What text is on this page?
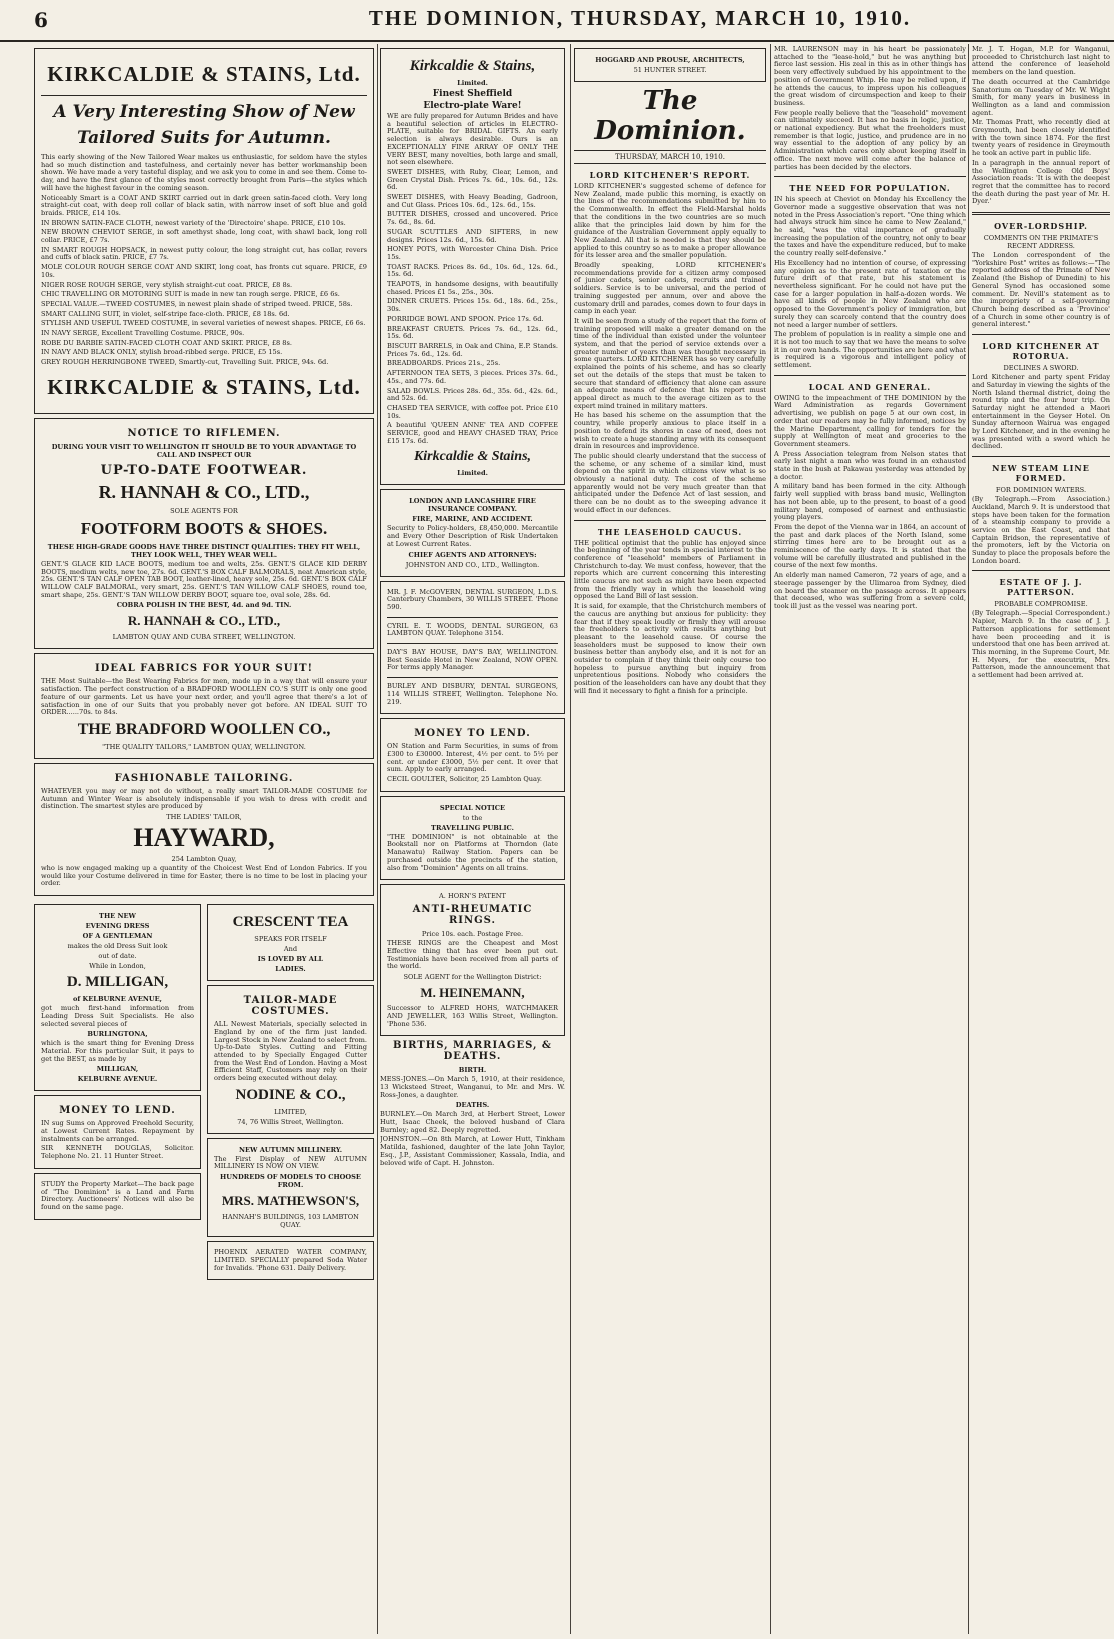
6	THE DOMINION, THURSDAY, MARCH 10, 1910.
KIRKCALDIE & STAINS, Ltd.
A Very Interesting Show of New
Tailored Suits for Autumn.

This early showing of the New Tailored Wear makes us enthusiastic, for seldom have the styles had so much distinction and tastefulness, and certainly never has better workmanship been shown. We have made a very tasteful display, and we ask you to come in and see them. Come to-day, and have the first glance of the styles most correctly brought from Paris—the styles which will have the highest favour in the coming season.

Noticeably Smart is a COAT AND SKIRT carried out in dark green satin-faced cloth. Very long straight-cut coat, with deep roll collar of black satin, with narrow inset of soft blue and gold braids. PRICE, £14 10s.

IN BROWN SATIN-FACE CLOTH, newest variety of the 'Directoire' shape. PRICE, £10 10s.

NEW BROWN CHEVIOT SERGE, in soft amethyst shade, long coat, with shawl back, long roll collar. PRICE, £7 7s.

IN SMART ROUGH HOPSACK, in newest putty colour, the long straight cut, has collar, revers and cuffs of black satin. PRICE, £7 7s.

MOLE COLOUR ROUGH SERGE COAT AND SKIRT, long coat, has fronts cut square. PRICE, £9 10s.

NIGER ROSE ROUGH SERGE, very stylish straight-cut coat. PRICE, £8 8s.

CHIC TRAVELLING OR MOTORING SUIT is made in new tan rough serge. PRICE, £6 6s.

SPECIAL VALUE.—TWEED COSTUMES, in newest plain shade of striped tweed. PRICE, 58s.

SMART CALLING SUIT, in violet, self-stripe face-cloth. PRICE, £8 18s. 6d.

STYLISH AND USEFUL TWEED COSTUME, in several varieties of newest shapes. PRICE, £6 6s.

IN NAVY SERGE, Excellent Travelling Costume. PRICE, 90s.

ROBE DU BARBIE SATIN-FACED CLOTH COAT AND SKIRT. PRICE, £8 8s.

IN NAVY AND BLACK ONLY, stylish broad-ribbed serge. PRICE, £5 15s.

GREY ROUGH HERRINGBONE TWEED, Smartly-cut, Travelling Suit. PRICE, 94s. 6d.

KIRKCALDIE & STAINS, Ltd.
NOTICE TO RIFLEMEN.
DURING YOUR VISIT TO WELLINGTON IT SHOULD BE TO YOUR ADVANTAGE TO CALL AND INSPECT OUR
UP-TO-DATE FOOTWEAR.
R. HANNAH & CO., LTD.,
SOLE AGENTS FOR
FOOTFORM BOOTS & SHOES.
THESE HIGH-GRADE GOODS HAVE THREE DISTINCT QUALITIES: THEY FIT WELL, THEY LOOK WELL, THEY WEAR WELL.

GENT.'S GLACE KID LACE BOOTS, medium toe and welts, 25s. GENT.'S GLACE KID DERBY BOOTS, medium welts, new toe, 27s. 6d. GENT.'S BOX CALF BALMORALS, neat American style, 25s. GENT.'S TAN CALF OPEN TAB BOOT, leather-lined, heavy sole, 25s. 6d. GENT.'S BOX CALF WILLOW CALF BALMORAL, very smart, 25s. GENT.'S TAN WILLOW CALF SHOES, round toe, smart shape, 25s. GENT.'S TAN WILLOW DERBY BOOT, square toe, oval sole, 28s. 6d.

COBRA POLISH IN THE BEST, 4d. and 9d. TIN.
R. HANNAH & CO., LTD.,
LAMBTON QUAY AND CUBA STREET, WELLINGTON.
IDEAL FABRICS FOR YOUR SUIT!

THE Most Suitable—the Best Wearing Fabrics for men, made up in a way that will ensure your satisfaction. The perfect construction of a BRADFORD WOOLLEN CO.'S SUIT is only one good feature of our garments. Let us have your next order, and you'll agree that there's a lot of satisfaction in one of our Suits that you probably never got before. AN IDEAL SUIT TO ORDER......70s. to 84s.

THE BRADFORD WOOLLEN CO.,
"THE QUALITY TAILORS," LAMBTON QUAY, WELLINGTON.
FASHIONABLE TAILORING.

WHATEVER you may or may not do without, a really smart TAILOR-MADE COSTUME for Autumn and Winter Wear is absolutely indispensable if you wish to dress with credit and distinction. The smartest styles are produced by

THE LADIES' TAILOR,
HAYWARD,
254 Lambton Quay,

who is now engaged making up a quantity of the Choicest West End of London Fabrics. If you would like your Costume delivered in time for Easter, there is no time to be lost in placing your order.

THE NEW
EVENING DRESS
OF A GENTLEMAN
makes the old Dress Suit look
out of date.
While in London,
D. MILLIGAN,
of KELBURNE AVENUE,

got much first-hand information from Leading Dress Suit Specialists. He also selected several pieces of

BURLINGTONA,

which is the smart thing for Evening Dress Material. For this particular Suit, it pays to get the BEST, as made by

MILLIGAN,
KELBURNE AVENUE.
MONEY TO LEND.

IN sug Sums on Approved Freehold Security, at Lowest Current Rates. Repayment by instalments can be arranged.

SIR KENNETH DOUGLAS, Solicitor. Telephone No. 21. 11 Hunter Street.

STUDY the Property Market—The back page of "The Dominion" is a Land and Farm Directory. Auctioneers' Notices will also be found on the same page.

CRESCENT TEA
SPEAKS FOR ITSELF
And
IS LOVED BY ALL
LADIES.
TAILOR-MADE COSTUMES.

ALL Newest Materials, specially selected in England by one of the firm just landed. Largest Stock in New Zealand to select from. Up-to-Date Styles. Cutting and Fitting attended to by Specially Engaged Cutter from the West End of London. Having a Most Efficient Staff, Customers may rely on their orders being executed without delay.

NODINE & CO.,
LIMITED,
74, 76 Willis Street, Wellington.
NEW AUTUMN MILLINERY.

The First Display of NEW AUTUMN MILLINERY IS NOW ON VIEW.

HUNDREDS OF MODELS TO CHOOSE FROM.
MRS. MATHEWSON'S,
HANNAH'S BUILDINGS, 103 LAMBTON QUAY.

PHOENIX AERATED WATER COMPANY, LIMITED. SPECIALLY prepared Soda Water for Invalids. 'Phone 631. Daily Delivery.

Kirkcaldie & Stains,
Limited.
Finest Sheffield
Electro-plate Ware!

WE are fully prepared for Autumn Brides and have a beautiful selection of articles in ELECTRO-PLATE, suitable for BRIDAL GIFTS. An early selection is always desirable. Ours is an EXCEPTIONALLY FINE ARRAY OF ONLY THE VERY BEST, many novelties, both large and small, not seen elsewhere.

SWEET DISHES, with Ruby, Clear, Lemon, and Green Crystal Dish. Prices 7s. 6d., 10s. 6d., 12s. 6d.

SWEET DISHES, with Heavy Beading, Gadroon, and Cut Glass. Prices 10s. 6d., 12s. 6d., 15s.

BUTTER DISHES, crossed and uncovered. Price 7s. 6d., 8s. 6d.

SUGAR SCUTTLES AND SIFTERS, in new designs. Prices 12s. 6d., 15s. 6d.

HONEY POTS, with Worcester China Dish. Price 15s.

TOAST RACKS. Prices 8s. 6d., 10s. 6d., 12s. 6d., 15s. 6d.

TEAPOTS, in handsome designs, with beautifully chased. Prices £1 5s., 25s., 30s.

DINNER CRUETS. Prices 15s. 6d., 18s. 6d., 25s., 30s.

PORRIDGE BOWL AND SPOON. Price 17s. 6d.

BREAKFAST CRUETS. Prices 7s. 6d., 12s. 6d., 15s. 6d.

BISCUIT BARRELS, in Oak and China, E.P. Stands. Prices 7s. 6d., 12s. 6d.

BREADBOARDS. Prices 21s., 25s.

AFTERNOON TEA SETS, 3 pieces. Prices 37s. 6d., 45s., and 77s. 6d.

SALAD BOWLS. Prices 28s. 6d., 35s. 6d., 42s. 6d., and 52s. 6d.

CHASED TEA SERVICE, with coffee pot. Price £10 10s.

A beautiful 'QUEEN ANNE' TEA AND COFFEE SERVICE, good and HEAVY CHASED TRAY, Price £15 17s. 6d.

Kirkcaldie & Stains,
Limited.
LONDON AND LANCASHIRE FIRE INSURANCE COMPANY.
FIRE, MARINE, AND ACCIDENT.

Security to Policy-holders, £8,450,000. Mercantile and Every Other Description of Risk Undertaken at Lowest Current Rates.

CHIEF AGENTS AND ATTORNEYS:
JOHNSTON AND CO., LTD., Wellington.

MR. J. F. McGOVERN, DENTAL SURGEON, L.D.S. Canterbury Chambers, 30 WILLIS STREET. 'Phone 590.

CYRIL E. T. WOODS, DENTAL SURGEON, 63 LAMBTON QUAY. Telephone 3154.

DAY'S BAY HOUSE, DAY'S BAY, WELLINGTON. Best Seaside Hotel in New Zealand, NOW OPEN. For terms apply Manager.

BURLEY AND DISBURY, DENTAL SURGEONS, 114 WILLIS STREET, Wellington. Telephone No. 219.

MONEY TO LEND.

ON Station and Farm Securities, in sums of from £300 to £30000. Interest, 4½ per cent. to 5½ per cent. or under £3000, 5½ per cent. It over that sum. Apply to early arranged.

CECIL GOULTER, Solicitor, 25 Lambton Quay.

SPECIAL NOTICE
to the
TRAVELLING PUBLIC.

"THE DOMINION" is not obtainable at the Bookstall nor on Platforms at Thorndon (late Manawatu) Railway Station. Papers can be purchased outside the precincts of the station, also from "Dominion" Agents on all trains.

A. HORN'S PATENT
ANTI-RHEUMATIC RINGS.
Price 10s. each. Postage Free.

THESE RINGS are the Cheapest and Most Effective thing that has ever been put out. Testimonials have been received from all parts of the world.

SOLE AGENT for the Wellington District:
M. HEINEMANN,

Successor to ALFRED HOHS, WATCHMAKER AND JEWELLER, 163 Willis Street, Wellington. 'Phone 536.

BIRTHS, MARRIAGES, & DEATHS.
BIRTH.

MESS-JONES.—On March 5, 1910, at their residence, 13 Wicksteed Street, Wanganui, to Mr. and Mrs. W. Ross-Jones, a daughter.

DEATHS.

BURNLEY.—On March 3rd, at Herbert Street, Lower Hutt, Isaac Cheek, the beloved husband of Clara Burnley; aged 82. Deeply regretted.

JOHNSTON.—On 8th March, at Lower Hutt, Tinkham Matilda, fashioned, daughter of the late John Taylor, Esq., J.P., Assistant Commissioner, Kassala, India, and beloved wife of Capt. H. Johnston.

HOGGARD AND PROUSE, ARCHITECTS,
51 HUNTER STREET.
The Dominion.
THURSDAY, MARCH 10, 1910.
LORD KITCHENER'S REPORT.

LORD KITCHENER's suggested scheme of defence for New Zealand, made public this morning, is exactly on the lines of the recommendations submitted by him to the Commonwealth. In effect the Field-Marshal holds that the conditions in the two countries are so much alike that the principles laid down by him for the guidance of the Australian Government apply equally to New Zealand. All that is needed is that they should be applied to this country so as to make a proper allowance for its lesser area and the smaller population.

Broadly speaking, LORD KITCHENER's recommendations provide for a citizen army composed of junior cadets, senior cadets, recruits and trained soldiers. Service is to be universal, and the period of training suggested per annum, over and above the customary drill and parades, comes down to four days in camp in each year.

It will be seen from a study of the report that the form of training proposed will make a greater demand on the time of the individual than existed under the volunteer system, and that the period of service extends over a greater number of years than was thought necessary in some quarters. LORD KITCHENER has so very carefully explained the points of his scheme, and has so clearly set out the details of the steps that must be taken to secure that standard of efficiency that alone can assure an adequate means of defence that his report must appeal direct as much to the average citizen as to the expert mind trained in military matters.

He has based his scheme on the assumption that the country, while properly anxious to place itself in a position to defend its shores in case of need, does not wish to create a huge standing army with its consequent drain in resources and improvidence.

The public should clearly understand that the success of the scheme, or any scheme of a similar kind, must depend on the spirit in which citizens view what is so obviously a national duty. The cost of the scheme apparently would not be very much greater than that anticipated under the Defence Act of last session, and there can be no doubt as to the sweeping advance it would effect in our defences.

THE LEASEHOLD CAUCUS.

THE political optimist that the public has enjoyed since the beginning of the year tends in special interest to the conference of "leasehold" members of Parliament in Christchurch to-day. We must confess, however, that the reports which are current concerning this interesting little caucus are not such as might have been expected from the friendly way in which the leasehold wing opposed the Land Bill of last session.

It is said, for example, that the Christchurch members of the caucus are anything but anxious for publicity: they fear that if they speak loudly or firmly they will arouse the freeholders to activity with results anything but pleasant to the leasehold cause. Of course the leaseholders must be supposed to know their own business better than anybody else, and it is not for an outsider to complain if they think their only course too hopeless to pursue anything but inquiry from unpretentious positions. Nobody who considers the position of the leaseholders can have any doubt that they will find it necessary to fight a finish for a principle.

MR. LAURENSON may in his heart be passionately attached to the "lease-hold," but he was anything but fierce last session. His zeal in this as in other things has been very effectively subdued by his appointment to the position of Government Whip. He may be relied upon, if he attends the caucus, to impress upon his colleagues the great wisdom of circumspection and keep to their business.

Few people really believe that the "leasehold" movement can ultimately succeed. It has no basis in logic, justice, or national expediency. But what the freeholders must remember is that logic, justice, and prudence are in no way essential to the adoption of any policy by an Administration which cares only about keeping itself in office. The next move will come after the balance of parties has been decided by the electors.

THE NEED FOR POPULATION.

IN his speech at Cheviot on Monday his Excellency the Governor made a suggestive observation that was not noted in the Press Association's report. "One thing which had always struck him since he came to New Zealand," he said, "was the vital importance of gradually increasing the population of the country, not only to bear the taxes and have the expenditure reduced, but to make the country really self-defensive."

His Excellency had no intention of course, of expressing any opinion as to the present rate of taxation or the future drift of that rate, but his statement is nevertheless significant. For he could not have put the case for a larger population in half-a-dozen words. We have all kinds of people in New Zealand who are opposed to the Government's policy of immigration, but surely they can scarcely contend that the country does not need a larger number of settlers.

The problem of population is in reality a simple one and it is not too much to say that we have the means to solve it in our own hands. The opportunities are here and what is required is a vigorous and intelligent policy of settlement.

LOCAL AND GENERAL.

OWING to the impeachment of THE DOMINION by the Ward Administration as regards Government advertising, we publish on page 5 at our own cost, in order that our readers may be fully informed, notices by the Marine Department, calling for tenders for the supply at Wellington of meat and groceries to the Government steamers.

A Press Association telegram from Nelson states that early last night a man who was found in an exhausted state in the bush at Pakawau yesterday was attended by a doctor.

A military band has been formed in the city. Although fairly well supplied with brass band music, Wellington has not been able, up to the present, to boast of a good military band, composed of earnest and enthusiastic young players.

From the depot of the Vienna war in 1864, an account of the past and dark places of the North Island, some stirring times here are to be brought out as a reminiscence of the early days. It is stated that the volume will be carefully illustrated and published in the course of the next few months.

An elderly man named Cameron, 72 years of age, and a steerage passenger by the Ulimaroa from Sydney, died on board the steamer on the passage across. It appears that deceased, who was suffering from a severe cold, took ill just as the vessel was nearing port.

Mr. J. T. Hogan, M.P. for Wanganui, proceeded to Christchurch last night to attend the conference of leasehold members on the land question.

The death occurred at the Cambridge Sanatorium on Tuesday of Mr. W. Wight Smith, for many years in business in Wellington as a land and commission agent.

Mr. Thomas Pratt, who recently died at Greymouth, had been closely identified with the town since 1874. For the first twenty years of residence in Greymouth he took an active part in public life.

In a paragraph in the annual report of the Wellington College Old Boys' Association reads: 'It is with the deepest regret that the committee has to record the death during the past year of Mr. H. Dyer.'

OVER-LORDSHIP.
COMMENTS ON THE PRIMATE'S RECENT ADDRESS.

The London correspondent of the "Yorkshire Post" writes as follows:—"The reported address of the Primate of New Zealand (the Bishop of Dunedin) to his General Synod has occasioned some comment. Dr. Nevill's statement as to the impropriety of a self-governing Church being described as a 'Province' of a Church in some other country is of general interest."

LORD KITCHENER AT ROTORUA.
DECLINES A SWORD.

Lord Kitchener and party spent Friday and Saturday in viewing the sights of the North Island thermal district, doing the round trip and the four hour trip. On Saturday night he attended a Maori entertainment in the Geyser Hotel. On Sunday afternoon Wairua was engaged by Lord Kitchener, and in the evening he was presented with a sword which he declined.

NEW STEAM LINE FORMED.
FOR DOMINION WATERS.

(By Telegraph.—From Association.) Auckland, March 9. It is understood that steps have been taken for the formation of a steamship company to provide a service on the East Coast, and that Captain Bridson, the representative of the promoters, left by the Victoria on Sunday to place the proposals before the London board.

ESTATE OF J. J. PATTERSON.
PROBABLE COMPROMISE.

(By Telegraph.—Special Correspondent.) Napier, March 9. In the case of J. J. Patterson applications for settlement have been proceeding and it is understood that one has been arrived at. This morning, in the Supreme Court, Mr. H. Myers, for the executrix, Mrs. Patterson, made the announcement that a settlement had been arrived at.
